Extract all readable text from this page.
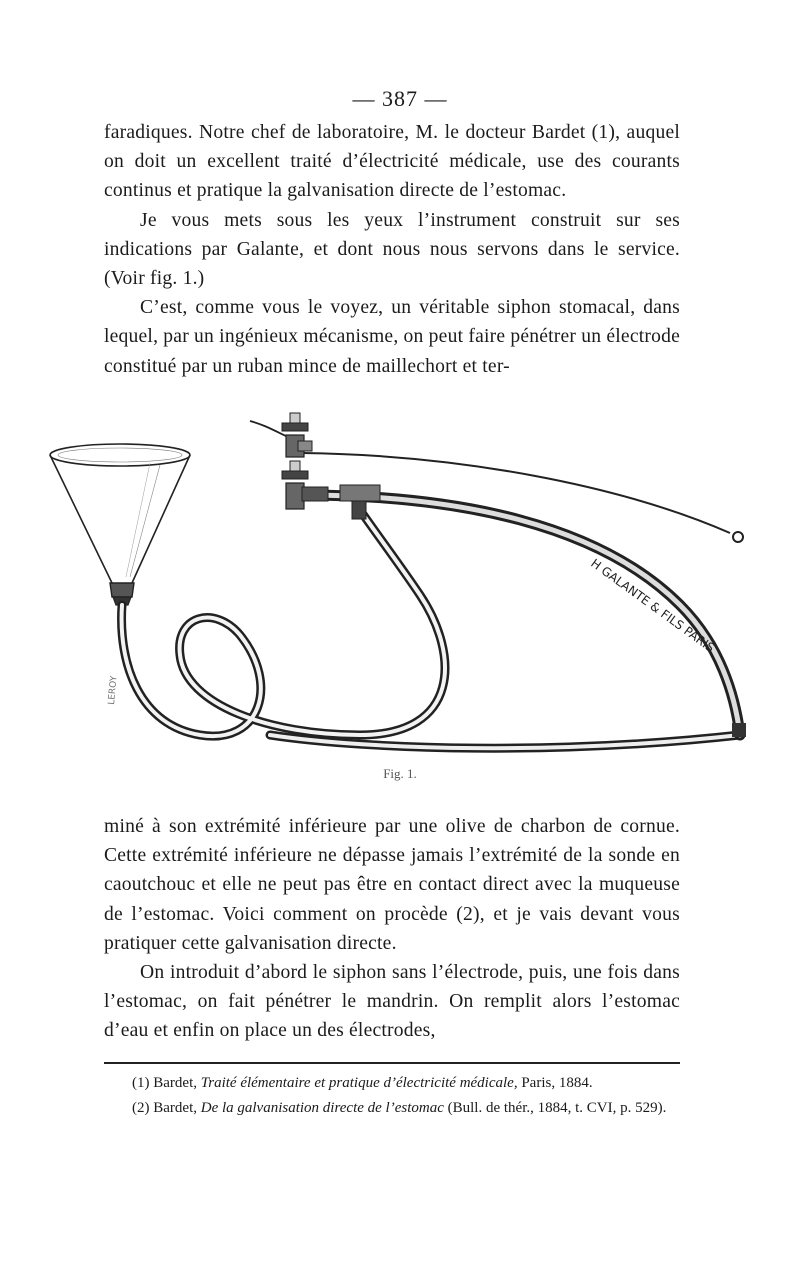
— 387 —

faradiques. Notre chef de laboratoire, M. le docteur Bardet (1), auquel on doit un excellent traité d’électricité médicale, use des courants continus et pratique la galvanisation directe de l’estomac.

Je vous mets sous les yeux l’instrument construit sur ses indications par Galante, et dont nous nous servons dans le service. (Voir fig. 1.)

C’est, comme vous le voyez, un véritable siphon stomacal, dans lequel, par un ingénieux mécanisme, on peut faire pénétrer un électrode constitué par un ruban mince de maillechort et ter-

H GALANTE & FILS PARIS
LEROY
Fig. 1.

miné à son extrémité inférieure par une olive de charbon de cornue. Cette extrémité inférieure ne dépasse jamais l’extrémité de la sonde en caoutchouc et elle ne peut pas être en contact direct avec la muqueuse de l’estomac. Voici comment on procède (2), et je vais devant vous pratiquer cette galvanisation directe.

On introduit d’abord le siphon sans l’électrode, puis, une fois dans l’estomac, on fait pénétrer le mandrin. On remplit alors l’estomac d’eau et enfin on place un des électrodes,

(1) Bardet, Traité élémentaire et pratique d’électricité médicale, Paris, 1884.

(2) Bardet, De la galvanisation directe de l’estomac (Bull. de thér., 1884, t. CVI, p. 529).
